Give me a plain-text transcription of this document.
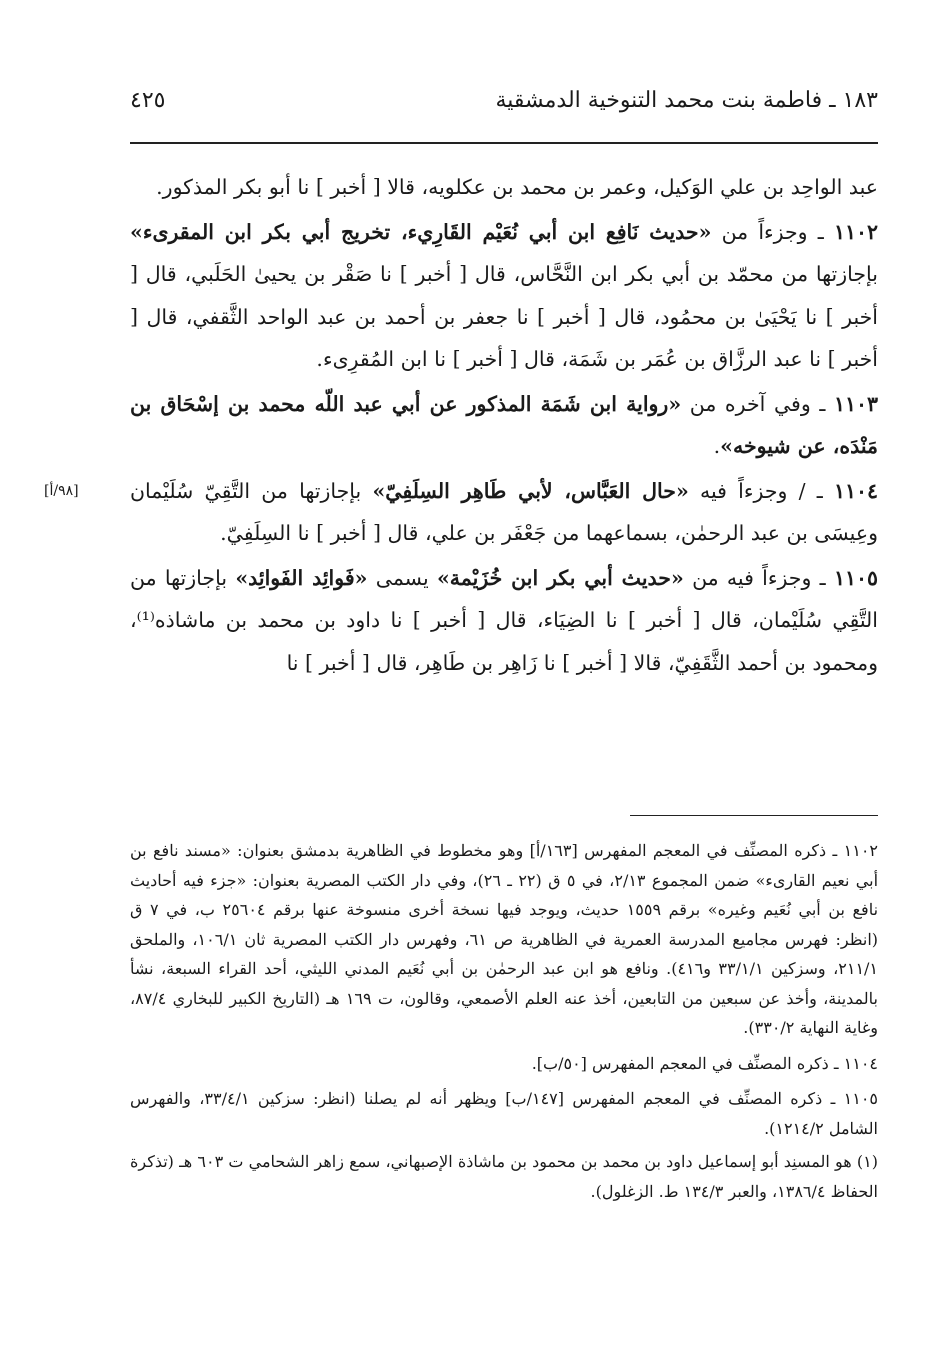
١٨٣ ـ فاطمة بنت محمد التنوخية الدمشقية
٤٢٥

عبد الواحِد بن علي الوَكيل، وعمر بن محمد بن عكلويه، قالا [ أخبر ] نا أبو بكر المذكور.

١١٠٢ ـ وجزءاً من «حديث نَافِع ابن أبي نُعَيْم القَارِيء، تخريج أبي بكر ابن المقرىء» بإجازتها من محمّد بن أبي بكر ابن النَّحَّاس، قال [ أخبر ] نا صَقْر بن يحيىٰ الحَلَبي، قال [ أخبر ] نا يَحْيَىٰ بن محمُود، قال [ أخبر ] نا جعفر بن أحمد بن عبد الواحد الثَّقفي، قال [ أخبر ] نا عبد الرزَّاق بن عُمَر بن شَمَة، قال [ أخبر ] نا ابن المُقرِىء.

١١٠٣ ـ وفي آخره من «رواية ابن شَمَة المذكور عن أبي عبد اللّه محمد بن إسْحَاق بن مَنْدَه، عن شيوخه».

[٩٨/أ]	١١٠٤ ـ / وجزءاً فيه «حال العَبَّاس، لأبي طَاهِر السِلَفِيّ» بإجازتها من التَّقِيّ سُلَيْمان وعِيسَى بن عبد الرحمٰن، بسماعهما من جَعْفَر بن علي، قال [ أخبر ] نا السِلَفِيّ.

١١٠٥ ـ وجزءاً فيه من «حديث أبي بكر ابن خُزَيْمة» يسمى «فَوائِد الفَوائِد» بإجازتها من التَّقِي سُلَيْمان، قال [ أخبر ] نا الضِيَاء، قال [ أخبر ] نا داود بن محمد بن ماشاذه⁽¹⁾، ومحمود بن أحمد الثَّقَفِيّ، قالا [ أخبر ] نا زَاهِر بن طَاهِر، قال [ أخبر ] نا

١١٠٢ ـ ذكره المصنِّف في المعجم المفهرس [١٦٣/أ] وهو مخطوط في الظاهرية بدمشق بعنوان: «مسند نافع بن أبي نعيم القارىء» ضمن المجموع ٢/١٣، في ٥ ق (٢٢ ـ ٢٦)، وفي دار الكتب المصرية بعنوان: «جزء فيه أحاديث نافع بن أبي نُعَيم وغيره» برقم ١٥٥٩ حديث، ويوجد فيها نسخة أخرى منسوخة عنها برقم ٢٥٦٠٤ ب، في ٧ ق (انظر: فهرس مجاميع المدرسة العمرية في الظاهرية ص ٦١، وفهرس دار الكتب المصرية ثان ١٠٦/١، والملحق ٢١١/١، وسزكين ٣٣/١/١ و٤١٦). ونافع هو ابن عبد الرحمٰن بن أبي نُعَيم المدني الليثي، أحد القراء السبعة، نشأ بالمدينة، وأخذ عن سبعين من التابعين، أخذ عنه العلم الأصمعي، وقالون، ت ١٦٩ هـ (التاريخ الكبير للبخاري ٨٧/٤، وغاية النهاية ٣٣٠/٢).

١١٠٤ ـ ذكره المصنِّف في المعجم المفهرس [٥٠/ب].

١١٠٥ ـ ذكره المصنِّف في المعجم المفهرس [١٤٧/ب] ويظهر أنه لم يصلنا (انظر: سزكين ٣٣/٤/١، والفهرس الشامل ١٢١٤/٢).

(١) هو المسنِد أبو إسماعيل داود بن محمد بن محمود بن ماشاذة الإصبهاني، سمع زاهر الشحامي ت ٦٠٣ هـ (تذكرة الحفاظ ١٣٨٦/٤، والعبر ١٣٤/٣ ط. الزغلول).
